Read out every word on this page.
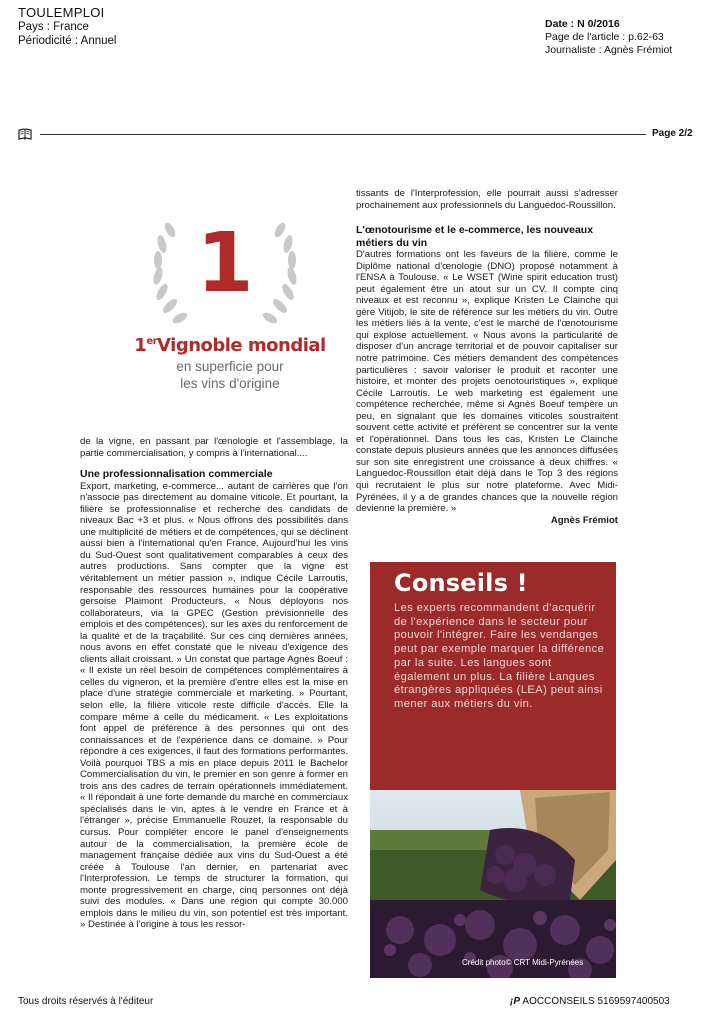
TOULEMPLOI
Pays : France
Périodicité : Annuel
Date : N 0/2016
Page de l'article : p.62-63
Journaliste : Agnès Frémiot
Page 2/2
1
1erVignoble mondial
en superficie pour
les vins d'origine

de la vigne, en passant par l'œnologie et l'assemblage, la partie commercialisation, y compris à l'international....

Une professionnalisation commerciale

Export, marketing, e-commerce... autant de carrières que l'on n'associe pas directement au domaine viticole. Et pourtant, la filière se professionnalise et recherche des candidats de niveaux Bac +3 et plus. « Nous offrons des possibilités dans une multiplicité de métiers et de compétences, qui se déclinent aussi bien à l'international qu'en France. Aujourd'hui les vins du Sud-Ouest sont qualitativement comparables à ceux des autres productions. Sans compter que la vigne est véritablement un métier passion », indique Cécile Larroutis, responsable des ressources humaines pour la coopérative gersoise Plaimont Producteurs. « Nous déployons nos collaborateurs, via la GPEC (Gestion prévisionnelle des emplois et des compétences), sur les axes du renforcement de la qualité et de la traçabilité. Sur ces cinq dernières années, nous avons en effet constaté que le niveau d'exigence des clients allait croissant. » Un constat que partage Agnès Boeuf : « Il existe un réel besoin de compétences complémentaires à celles du vigneron, et la première d'entre elles est la mise en place d'une stratégie commerciale et marketing. » Pourtant, selon elle, la filière viticole reste difficile d'accès. Elle la compare même à celle du médicament. « Les exploitations font appel de préférence à des personnes qui ont des connaissances et de l'expérience dans ce domaine. » Pour répondre à ces exigences, il faut des formations performantes. Voilà pourquoi TBS a mis en place depuis 2011 le Bachelor Commercialisation du vin, le premier en son genre à former en trois ans des cadres de terrain opérationnels immédiatement. « Il répondait à une forte demande du marché en commerciaux spécialisés dans le vin, aptes à le vendre en France et à l'étranger », précise Emmanuelle Rouzet, la responsable du cursus. Pour compléter encore le panel d'enseignements autour de la commercialisation, la première école de management française dédiée aux vins du Sud-Ouest a été créée à Toulouse l'an dernier, en partenariat avec l'Interprofession. Le temps de structurer la formation, qui monte progressivement en charge, cinq personnes ont déjà suivi des modules. « Dans une région qui compte 30.000 emplois dans le milieu du vin, son potentiel est très important. » Destinée à l'origine à tous les ressor-

tissants de l'Interprofession, elle pourrait aussi s'adresser prochainement aux professionnels du Languedoc-Roussillon.

L'œnotourisme et le e-commerce, les nouveaux métiers du vin

D'autres formations ont les faveurs de la filière, comme le Diplôme national d'œnologie (DNO) proposé notamment à l'ENSA à Toulouse. « Le WSET (Wine spirit education trust) peut également être un atout sur un CV. Il compte cinq niveaux et est reconnu », explique Kristen Le Clainche qui gère Vitijob, le site de référence sur les métiers du vin. Outre les métiers liés à la vente, c'est le marché de l'œnotourisme qui explose actuellement. « Nous avons la particularité de disposer d'un ancrage territorial et de pouvoir capitaliser sur notre patrimoine. Ces métiers demandent des compétences particulières : savoir valoriser le produit et raconter une histoire, et monter des projets oenotouristiques », explique Cécile Larroutis. Le web marketing est également une compétence recherchée, même si Agnès Boeuf tempère un peu, en signalant que les domaines viticoles soustraitent souvent cette activité et préfèrent se concentrer sur la vente et l'opérationnel. Dans tous les cas, Kristen Le Clainche constate depuis plusieurs années que les annonces diffusées sur son site enregistrent une croissance à deux chiffres. « Languedoc-Roussillon était déjà dans le Top 3 des régions qui recrutaient le plus sur notre plateforme. Avec Midi-Pyrénées, il y a de grandes chances que la nouvelle région devienne la première. »

Agnès Frémiot

Conseils !
Les experts recommandent d'acquérir de l'expérience dans le secteur pour pouvoir l'intégrer. Faire les vendanges peut par exemple marquer la différence par la suite. Les langues sont également un plus. La filière Langues étrangères appliquées (LEA) peut ainsi mener aux métiers du vin.
Crédit photo© CRT Midi-Pyrénées
Tous droits réservés à l'éditeur	¡P AOCCONSEILS 5169597400503
